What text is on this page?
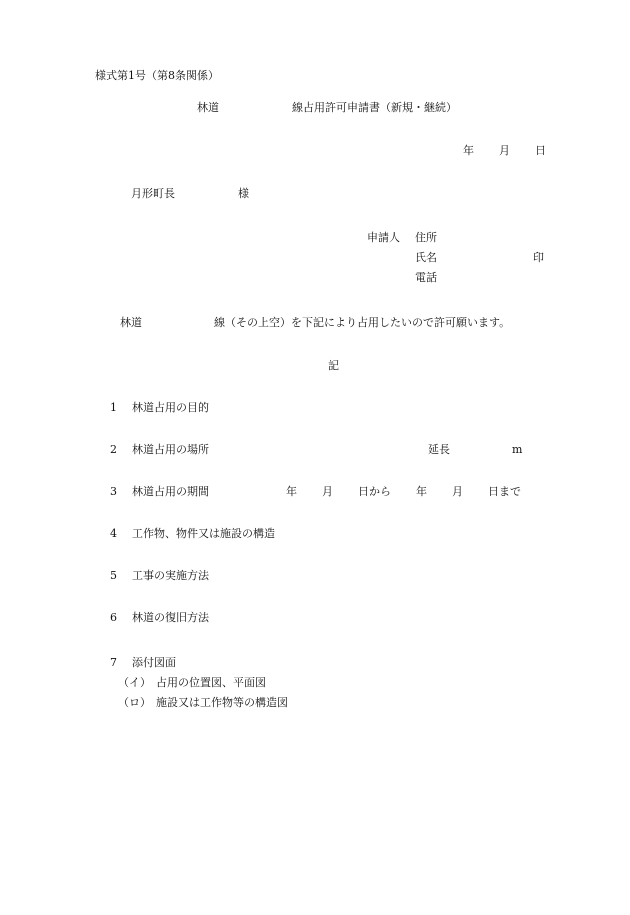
様式第1号（第8条関係）
林道	線占用許可申請書（新規・継続）
年 月 日
月形町長	様
申請人 住所
氏名	印
電話
林道	線（その上空）を下記により占用したいので許可願います。
記
1 林道占用の目的
2 林道占用の場所	延長	m
3 林道占用の期間	年 月 日から 年 月 日まで
4 工作物、物件又は施設の構造
5 工事の実施方法
6 林道の復旧方法
7 添付図面
（イ） 占用の位置図、平面図
（ロ） 施設又は工作物等の構造図
